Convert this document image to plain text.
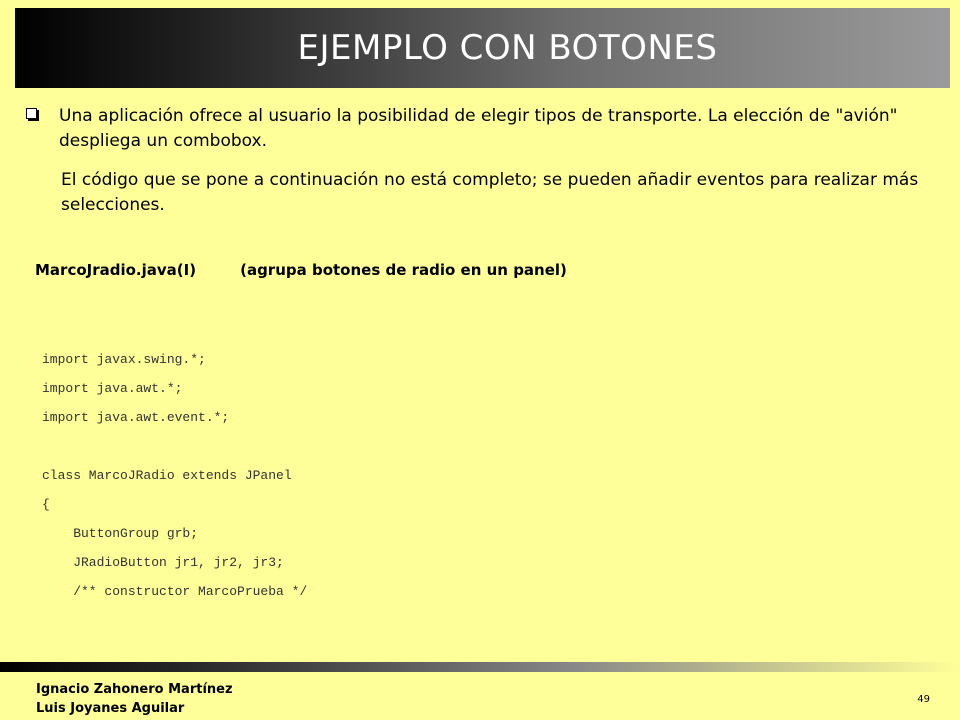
EJEMPLO CON BOTONES
Una aplicación ofrece al usuario la posibilidad de elegir tipos de transporte. La elección de "avión" despliega un combobox.
El código que se pone a continuación no está completo; se pueden añadir eventos para realizar más selecciones.
MarcoJradio.java(I)	(agrupa botones de radio en un panel)
import javax.swing.*;
import java.awt.*;
import java.awt.event.*;
class MarcoJRadio extends JPanel
{
ButtonGroup grb;
JRadioButton jr1, jr2, jr3;
/** constructor MarcoPrueba */
Ignacio Zahonero Martínez
Luis Joyanes Aguilar
49
